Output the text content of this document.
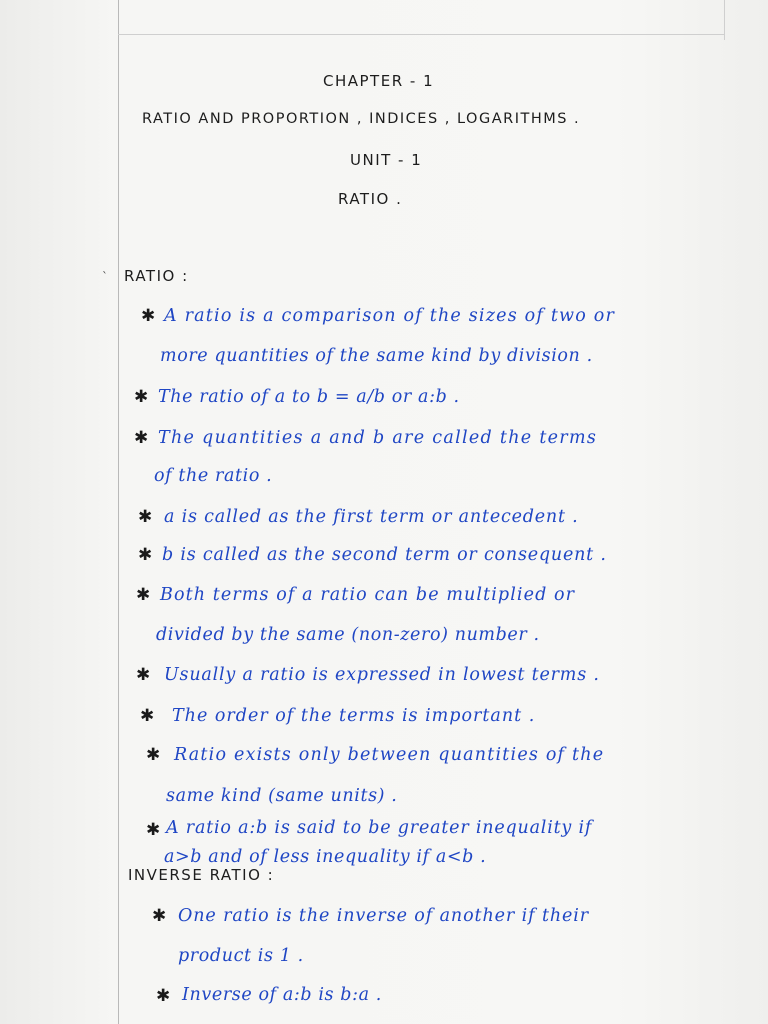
CHAPTER - 1
RATIO AND PROPORTION , INDICES , LOGARITHMS .
UNIT - 1
RATIO .
` RATIO :
✱ A ratio is a comparison of the sizes of two or
more quantities of the same kind by division .
✱ The ratio of a to b = a/b or a:b .
✱ The quantities a and b are called the terms
of the ratio .
✱ a is called as the first term or antecedent .
✱ b is called as the second term or consequent .
✱ Both terms of a ratio can be multiplied or
divided by the same (non-zero) number .
✱ Usually a ratio is expressed in lowest terms .
✱ The order of the terms is important .
✱ Ratio exists only between quantities of the
same kind (same units) .
✱ A ratio a:b is said to be greater inequality if
a>b and of less inequality if a<b .
INVERSE RATIO :
✱ One ratio is the inverse of another if their
product is 1 .
✱ Inverse of a:b is b:a .
